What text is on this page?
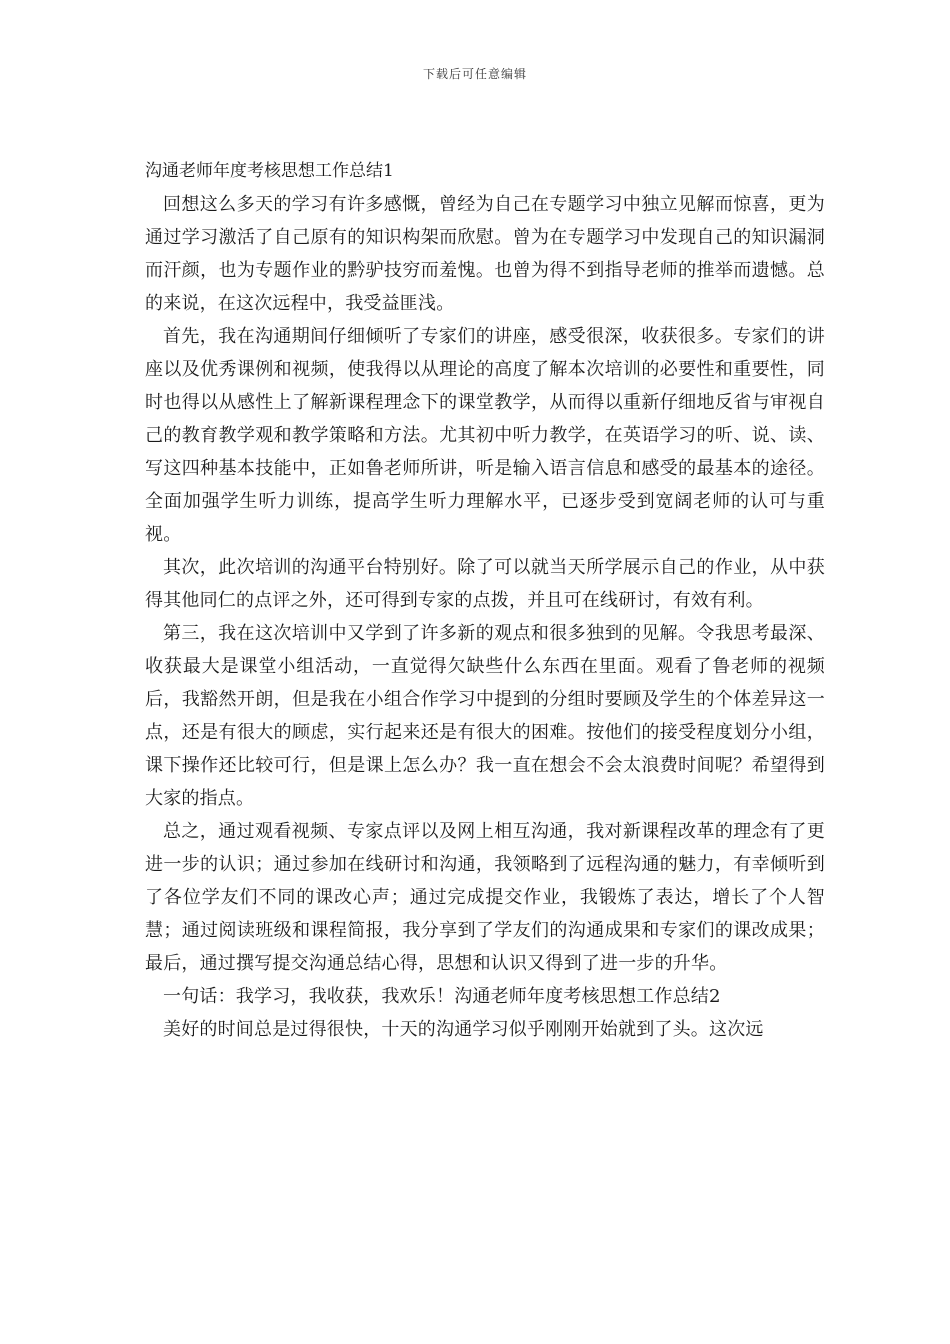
下载后可任意编辑

沟通老师年度考核思想工作总结1

回想这么多天的学习有许多感慨，曾经为自己在专题学习中独立见解而惊喜，更为通过学习激活了自己原有的知识构架而欣慰。曾为在专题学习中发现自己的知识漏洞而汗颜，也为专题作业的黔驴技穷而羞愧。也曾为得不到指导老师的推举而遗憾。总的来说，在这次远程中，我受益匪浅。

首先，我在沟通期间仔细倾听了专家们的讲座，感受很深，收获很多。专家们的讲座以及优秀课例和视频，使我得以从理论的高度了解本次培训的必要性和重要性，同时也得以从感性上了解新课程理念下的课堂教学，从而得以重新仔细地反省与审视自己的教育教学观和教学策略和方法。尤其初中听力教学，在英语学习的听、说、读、写这四种基本技能中，正如鲁老师所讲，听是输入语言信息和感受的最基本的途径。全面加强学生听力训练，提高学生听力理解水平，已逐步受到宽阔老师的认可与重视。

其次，此次培训的沟通平台特别好。除了可以就当天所学展示自己的作业，从中获得其他同仁的点评之外，还可得到专家的点拨，并且可在线研讨，有效有利。

第三，我在这次培训中又学到了许多新的观点和很多独到的见解。令我思考最深、收获最大是课堂小组活动，一直觉得欠缺些什么东西在里面。观看了鲁老师的视频后，我豁然开朗，但是我在小组合作学习中提到的分组时要顾及学生的个体差异这一点，还是有很大的顾虑，实行起来还是有很大的困难。按他们的接受程度划分小组，课下操作还比较可行，但是课上怎么办？我一直在想会不会太浪费时间呢？希望得到大家的指点。

总之，通过观看视频、专家点评以及网上相互沟通，我对新课程改革的理念有了更进一步的认识；通过参加在线研讨和沟通，我领略到了远程沟通的魅力，有幸倾听到了各位学友们不同的课改心声；通过完成提交作业，我锻炼了表达，增长了个人智慧；通过阅读班级和课程简报，我分享到了学友们的沟通成果和专家们的课改成果；最后，通过撰写提交沟通总结心得，思想和认识又得到了进一步的升华。

一句话：我学习，我收获，我欢乐！沟通老师年度考核思想工作总结2

美好的时间总是过得很快，十天的沟通学习似乎刚刚开始就到了头。这次远
